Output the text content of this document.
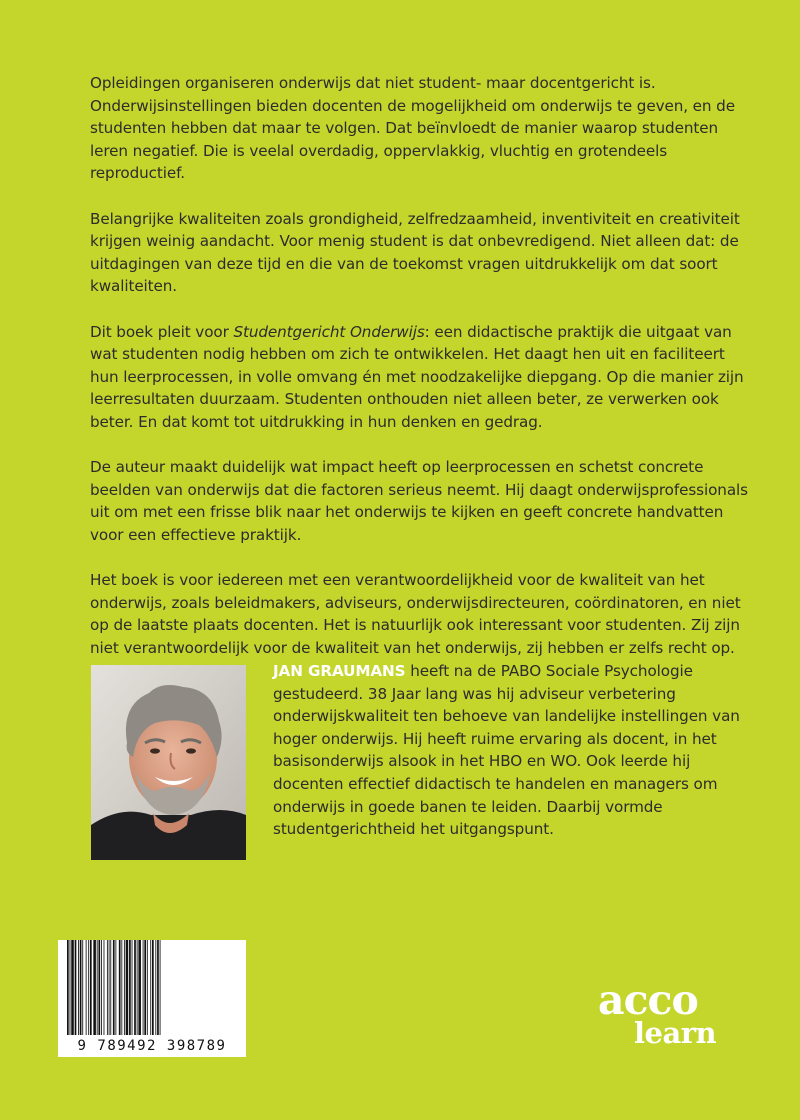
Opleidingen organiseren onderwijs dat niet student- maar docentgericht is. Onderwijsinstellingen bieden docenten de mogelijkheid om onderwijs te geven, en de studenten hebben dat maar te volgen. Dat beïnvloedt de manier waarop studenten leren negatief. Die is veelal overdadig, oppervlakkig, vluchtig en grotendeels reproductief.

Belangrijke kwaliteiten zoals grondigheid, zelfredzaamheid, inventiviteit en creativiteit krijgen weinig aandacht. Voor menig student is dat onbevredigend. Niet alleen dat: de uitdagingen van deze tijd en die van de toekomst vragen uitdrukkelijk om dat soort kwaliteiten.

Dit boek pleit voor Studentgericht Onderwijs: een didactische praktijk die uitgaat van wat studenten nodig hebben om zich te ontwikkelen. Het daagt hen uit en faciliteert hun leerprocessen, in volle omvang én met noodzakelijke diepgang. Op die manier zijn leerresultaten duurzaam. Studenten onthouden niet alleen beter, ze verwerken ook beter. En dat komt tot uitdrukking in hun denken en gedrag.

De auteur maakt duidelijk wat impact heeft op leerprocessen en schetst concrete beelden van onderwijs dat die factoren serieus neemt. Hij daagt onderwijsprofessionals uit om met een frisse blik naar het onderwijs te kijken en geeft concrete handvatten voor een effectieve praktijk.

Het boek is voor iedereen met een verantwoordelijkheid voor de kwaliteit van het onderwijs, zoals beleidmakers, adviseurs, onderwijsdirecteuren, coördinatoren, en niet op de laatste plaats docenten. Het is natuurlijk ook interessant voor studenten. Zij zijn niet verantwoordelijk voor de kwaliteit van het onderwijs, zij hebben er zelfs recht op.

JAN GRAUMANS heeft na de PABO Sociale Psychologie gestudeerd. 38 Jaar lang was hij adviseur verbetering onderwijskwaliteit ten behoeve van landelijke instellingen van hoger onderwijs. Hij heeft ruime ervaring als docent, in het basisonderwijs alsook in het HBO en WO. Ook leerde hij docenten effectief didactisch te handelen en managers om onderwijs in goede banen te leiden. Daarbij vormde studentgerichtheid het uitgangspunt.
9 789492 398789
acco
learn
